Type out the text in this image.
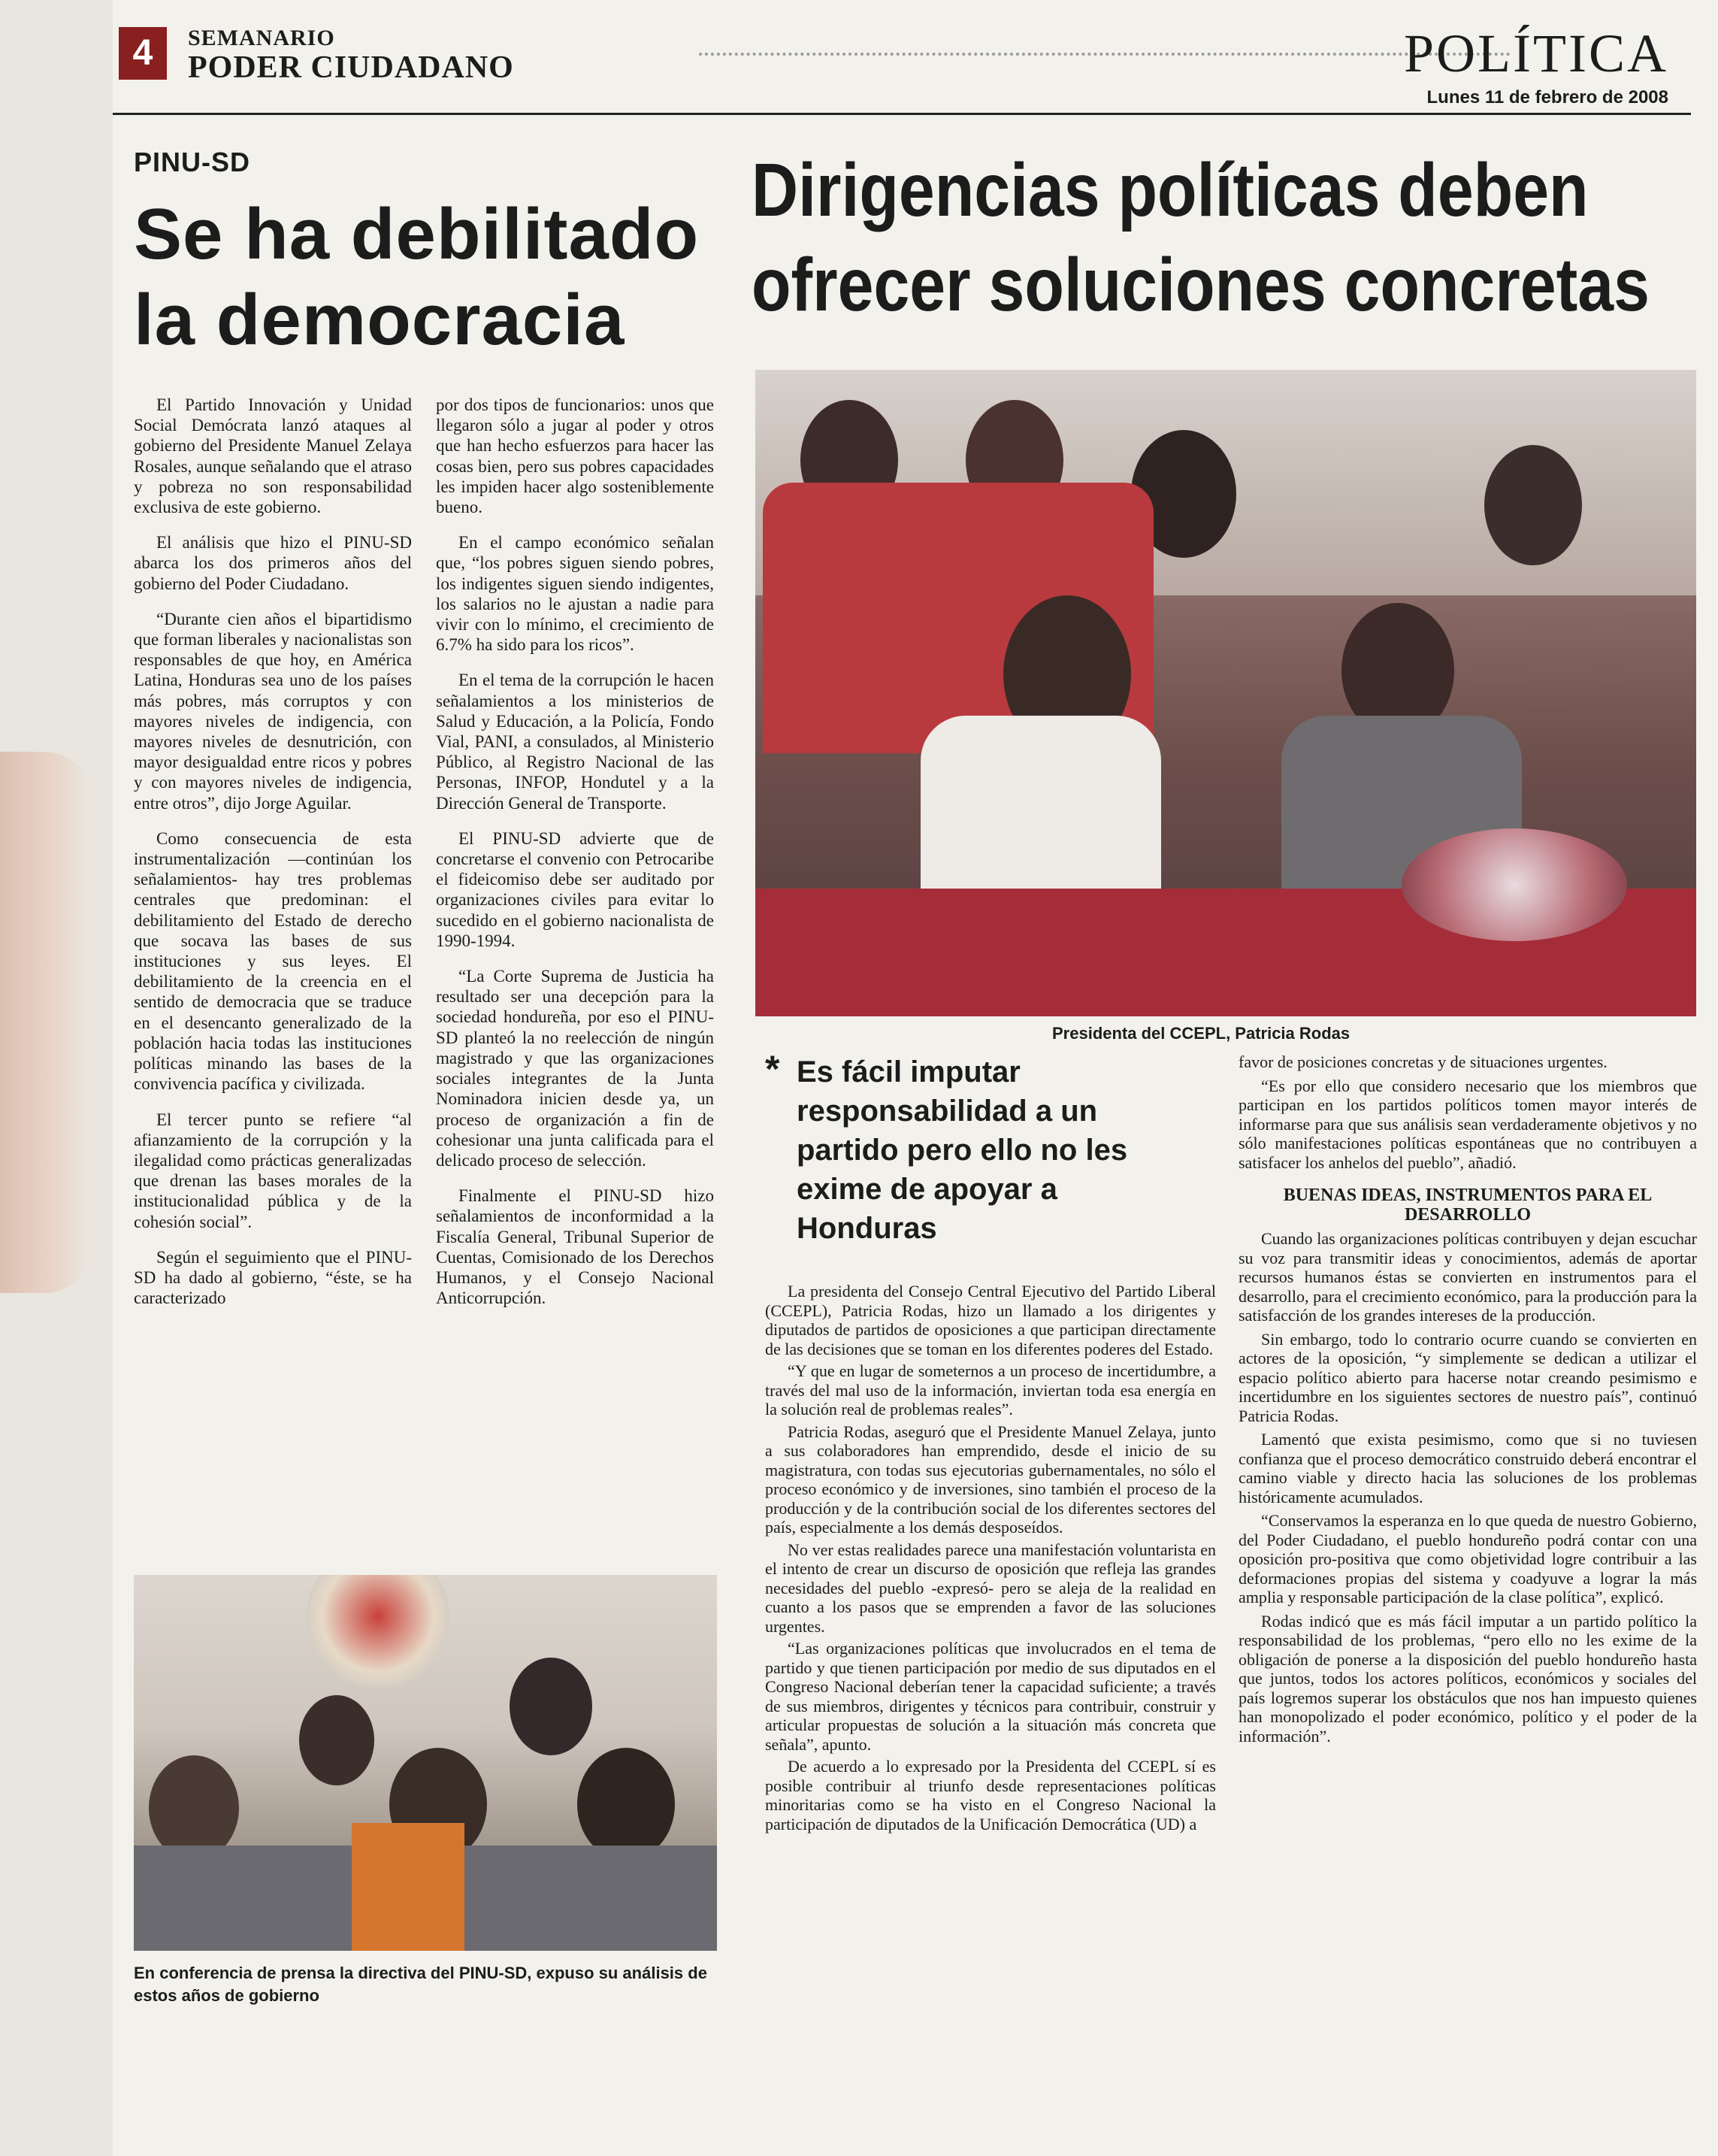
4	SEMANARIO
PODER CIUDADANO	POLÍTICA
Lunes 11 de febrero de 2008
PINU-SD
Se ha debilitado
la democracia

El Partido Innovación y Unidad Social Demócrata lanzó ataques al gobierno del Presidente Manuel Zelaya Rosales, aunque señalando que el atraso y pobreza no son responsabilidad exclusiva de este gobierno.

El análisis que hizo el PINU-SD abarca los dos primeros años del gobierno del Poder Ciudadano.

“Durante cien años el bipartidismo que forman liberales y nacionalistas son responsables de que hoy, en América Latina, Honduras sea uno de los países más pobres, más corruptos y con mayores niveles de indigencia, con mayores niveles de desnutrición, con mayor desigualdad entre ricos y pobres y con mayores niveles de indigencia, entre otros”, dijo Jorge Aguilar.

Como consecuencia de esta instrumentalización —continúan los señalamientos- hay tres problemas centrales que predominan: el debilitamiento del Estado de derecho que socava las bases de sus instituciones y sus leyes. El debilitamiento de la creencia en el sentido de democracia que se traduce en el desencanto generalizado de la población hacia todas las instituciones políticas minando las bases de la convivencia pacífica y civilizada.

El tercer punto se refiere “al afianzamiento de la corrupción y la ilegalidad como prácticas generalizadas que drenan las bases morales de la institucionalidad pública y de la cohesión social”.

Según el seguimiento que el PINU-SD ha dado al gobierno, “éste, se ha caracterizado

por dos tipos de funcionarios: unos que llegaron sólo a jugar al poder y otros que han hecho esfuerzos para hacer las cosas bien, pero sus pobres capacidades les impiden hacer algo sosteniblemente bueno.

En el campo económico señalan que, “los pobres siguen siendo pobres, los indigentes siguen siendo indigentes, los salarios no le ajustan a nadie para vivir con lo mínimo, el crecimiento de 6.7% ha sido para los ricos”.

En el tema de la corrupción le hacen señalamientos a los ministerios de Salud y Educación, a la Policía, Fondo Vial, PANI, a consulados, al Ministerio Público, al Registro Nacional de las Personas, INFOP, Hondutel y a la Dirección General de Transporte.

El PINU-SD advierte que de concretarse el convenio con Petrocaribe el fideicomiso debe ser auditado por organizaciones civiles para evitar lo sucedido en el gobierno nacionalista de 1990-1994.

“La Corte Suprema de Justicia ha resultado ser una decepción para la sociedad hondureña, por eso el PINU-SD planteó la no reelección de ningún magistrado y que las organizaciones sociales integrantes de la Junta Nominadora inicien desde ya, un proceso de organización a fin de cohesionar una junta calificada para el delicado proceso de selección.

Finalmente el PINU-SD hizo señalamientos de inconformidad a la Fiscalía General, Tribunal Superior de Cuentas, Comisionado de los Derechos Humanos, y el Consejo Nacional Anticorrupción.

En conferencia de prensa la directiva del PINU-SD, expuso su análisis de estos años de gobierno
Dirigencias políticas deben
ofrecer soluciones concretas
Presidenta del CCEPL, Patricia Rodas
* Es fácil imputar responsabilidad a un partido pero ello no les exime de apoyar a Honduras

La presidenta del Consejo Central Ejecutivo del Partido Liberal (CCEPL), Patricia Rodas, hizo un llamado a los dirigentes y diputados de partidos de oposiciones a que participan directamente de las decisiones que se toman en los diferentes poderes del Estado.

“Y que en lugar de someternos a un proceso de incertidumbre, a través del mal uso de la información, inviertan toda esa energía en la solución real de problemas reales”.

Patricia Rodas, aseguró que el Presidente Manuel Zelaya, junto a sus colaboradores han emprendido, desde el inicio de su magistratura, con todas sus ejecutorias gubernamentales, no sólo el proceso económico y de inversiones, sino también el proceso de la producción y de la contribución social de los diferentes sectores del país, especialmente a los demás desposeídos.

No ver estas realidades parece una manifestación voluntarista en el intento de crear un discurso de oposición que refleja las grandes necesidades del pueblo -expresó- pero se aleja de la realidad en cuanto a los pasos que se emprenden a favor de las soluciones urgentes.

“Las organizaciones políticas que involucrados en el tema de partido y que tienen participación por medio de sus diputados en el Congreso Nacional deberían tener la capacidad suficiente; a través de sus miembros, dirigentes y técnicos para contribuir, construir y articular propuestas de solución a la situación más concreta que señala”, apunto.

De acuerdo a lo expresado por la Presidenta del CCEPL sí es posible contribuir al triunfo desde representaciones políticas minoritarias como se ha visto en el Congreso Nacional la participación de diputados de la Unificación Democrática (UD) a

favor de posiciones concretas y de situaciones urgentes.

“Es por ello que considero necesario que los miembros que participan en los partidos políticos tomen mayor interés de informarse para que sus análisis sean verdaderamente objetivos y no sólo manifestaciones políticas espontáneas que no contribuyen a satisfacer los anhelos del pueblo”, añadió.

BUENAS IDEAS, INSTRUMENTOS PARA EL DESARROLLO

Cuando las organizaciones políticas contribuyen y dejan escuchar su voz para transmitir ideas y conocimientos, además de aportar recursos humanos éstas se convierten en instrumentos para el desarrollo, para el crecimiento económico, para la producción para la satisfacción de los grandes intereses de la producción.

Sin embargo, todo lo contrario ocurre cuando se convierten en actores de la oposición, “y simplemente se dedican a utilizar el espacio político abierto para hacerse notar creando pesimismo e incertidumbre en los siguientes sectores de nuestro país”, continuó Patricia Rodas.

Lamentó que exista pesimismo, como que si no tuviesen confianza que el proceso democrático construido deberá encontrar el camino viable y directo hacia las soluciones de los problemas históricamente acumulados.

“Conservamos la esperanza en lo que queda de nuestro Gobierno, del Poder Ciudadano, el pueblo hondureño podrá contar con una oposición pro-positiva que como objetividad logre contribuir a las deformaciones propias del sistema y coadyuve a lograr la más amplia y responsable participación de la clase política”, explicó.

Rodas indicó que es más fácil imputar a un partido político la responsabilidad de los problemas, “pero ello no les exime de la obligación de ponerse a la disposición del pueblo hondureño hasta que juntos, todos los actores políticos, económicos y sociales del país logremos superar los obstáculos que nos han impuesto quienes han monopolizado el poder económico, político y el poder de la información”.
